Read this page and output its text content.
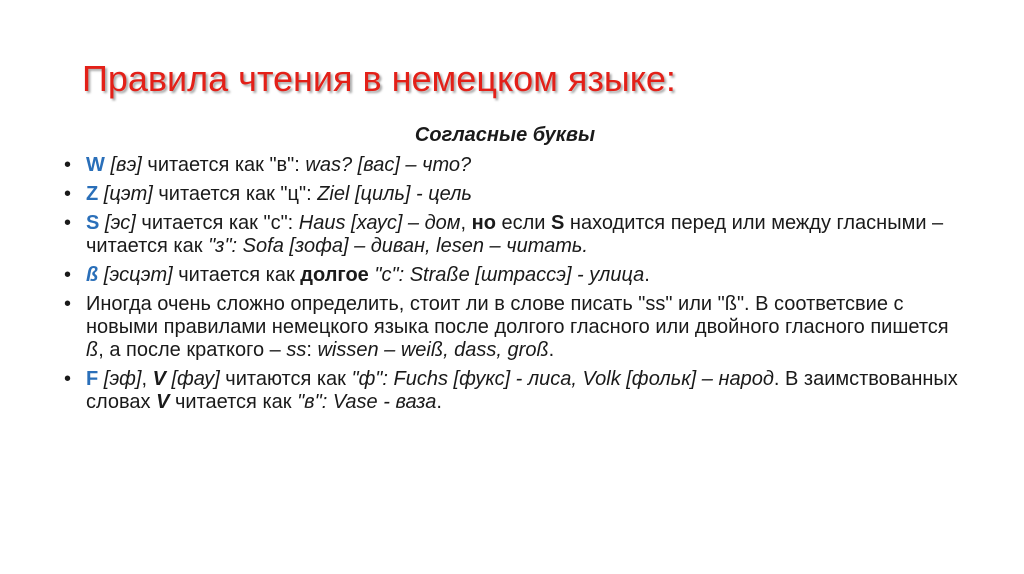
Правила чтения в немецком языке:
Согласные буквы
• W [вэ] читается как "в": was? [вас] – что?
• Z [цэт] читается как "ц": Ziel [циль] - цель
• S [эс] читается как "с": Haus [хаус] – дом, но если S находится перед или между гласными – читается как "з": Sofa [зофа] – диван, lesen – читать.
• ß [эсцэт] читается как долгое "с": Straße [штрассэ] - улица.
• Иногда очень сложно определить, стоит ли в слове писать "ss" или "ß". В соответсвие с новыми правилами немецкого языка после долгого гласного или двойного гласного пишется ß, а после краткого – ss: wissen – weiß, dass, groß.
• F [эф], V [фау] читаются как "ф": Fuchs [фукс] - лиса, Volk [фольк] – народ. В заимствованных словах V читается как "в": Vase - ваза.
